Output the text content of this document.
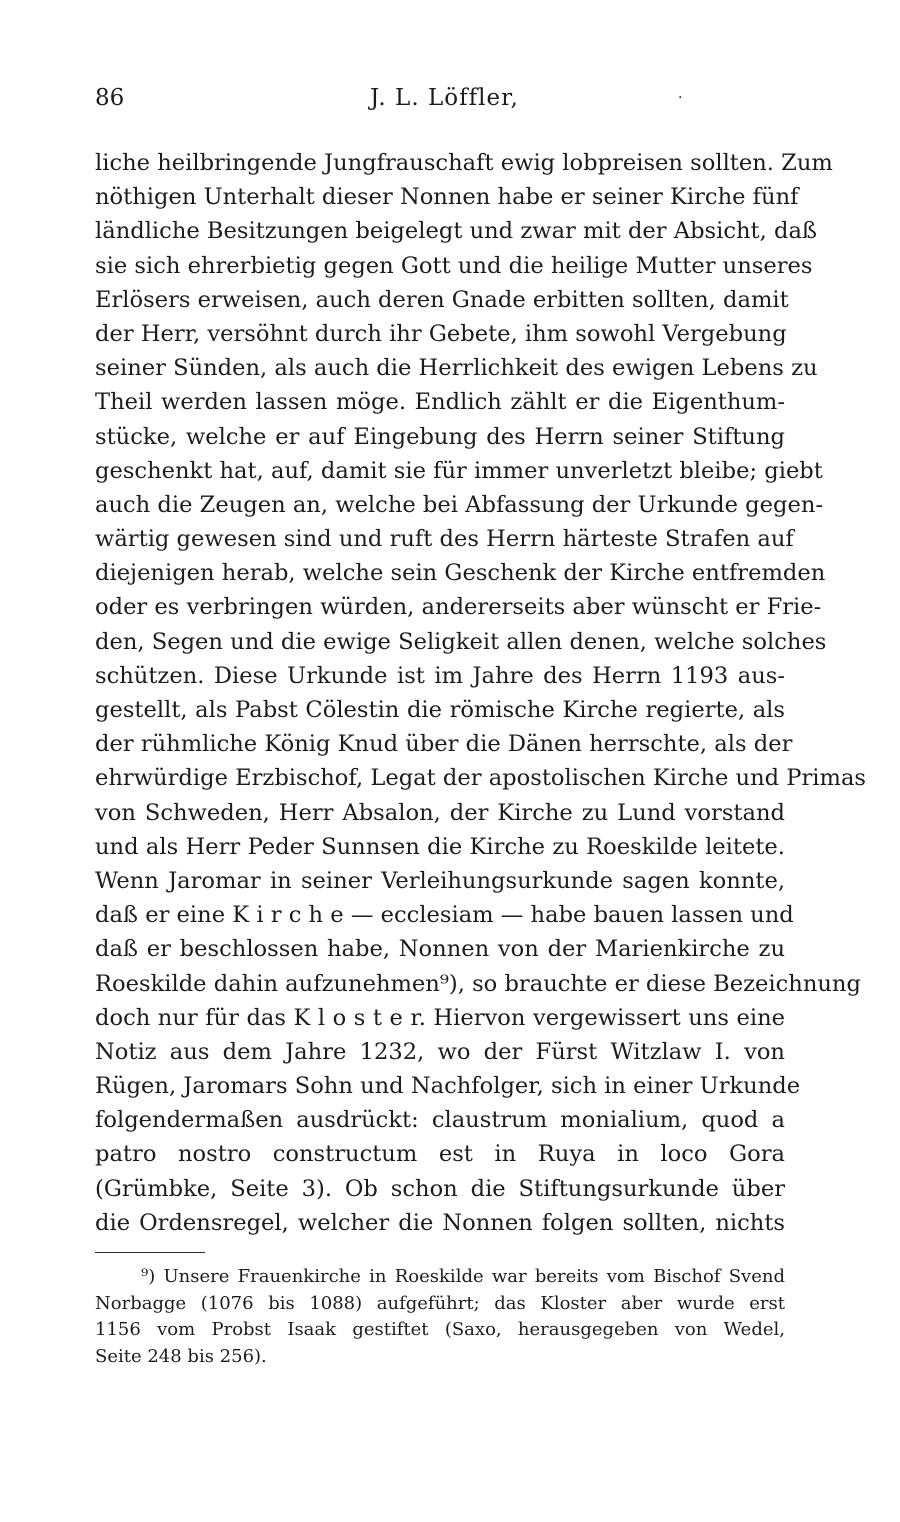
86	J. L. Löffler,	·
liche heilbringende Jungfrauschaft ewig lobpreisen sollten. Zum
nöthigen Unterhalt dieser Nonnen habe er seiner Kirche fünf
ländliche Besitzungen beigelegt und zwar mit der Absicht, daß
sie sich ehrerbietig gegen Gott und die heilige Mutter unseres
Erlösers erweisen, auch deren Gnade erbitten sollten, damit
der Herr, versöhnt durch ihr Gebete, ihm sowohl Vergebung
seiner Sünden, als auch die Herrlichkeit des ewigen Lebens zu
Theil werden lassen möge. Endlich zählt er die Eigenthum-
stücke, welche er auf Eingebung des Herrn seiner Stiftung
geschenkt hat, auf, damit sie für immer unverletzt bleibe; giebt
auch die Zeugen an, welche bei Abfassung der Urkunde gegen-
wärtig gewesen sind und ruft des Herrn härteste Strafen auf
diejenigen herab, welche sein Geschenk der Kirche entfremden
oder es verbringen würden, andererseits aber wünscht er Frie-
den, Segen und die ewige Seligkeit allen denen, welche solches
schützen. Diese Urkunde ist im Jahre des Herrn 1193 aus-
gestellt, als Pabst Cölestin die römische Kirche regierte, als
der rühmliche König Knud über die Dänen herrschte, als der
ehrwürdige Erzbischof, Legat der apostolischen Kirche und Primas
von Schweden, Herr Absalon, der Kirche zu Lund vorstand
und als Herr Peder Sunnsen die Kirche zu Roeskilde leitete.
Wenn Jaromar in seiner Verleihungsurkunde sagen konnte,
daß er eine K i r c h e — ecclesiam — habe bauen lassen und
daß er beschlossen habe, Nonnen von der Marienkirche zu
Roeskilde dahin aufzunehmen⁹), so brauchte er diese Bezeichnung
doch nur für das K l o s t e r. Hiervon vergewissert uns eine
Notiz aus dem Jahre 1232, wo der Fürst Witzlaw I. von
Rügen, Jaromars Sohn und Nachfolger, sich in einer Urkunde
folgendermaßen ausdrückt: claustrum monialium, quod a
patro nostro constructum est in Ruya in loco Gora
(Grümbke, Seite 3). Ob schon die Stiftungsurkunde über
die Ordensregel, welcher die Nonnen folgen sollten, nichts
⁹) Unsere Frauenkirche in Roeskilde war bereits vom Bischof Svend
Norbagge (1076 bis 1088) aufgeführt; das Kloster aber wurde erst
1156 vom Probst Isaak gestiftet (Saxo, herausgegeben von Wedel,
Seite 248 bis 256).
